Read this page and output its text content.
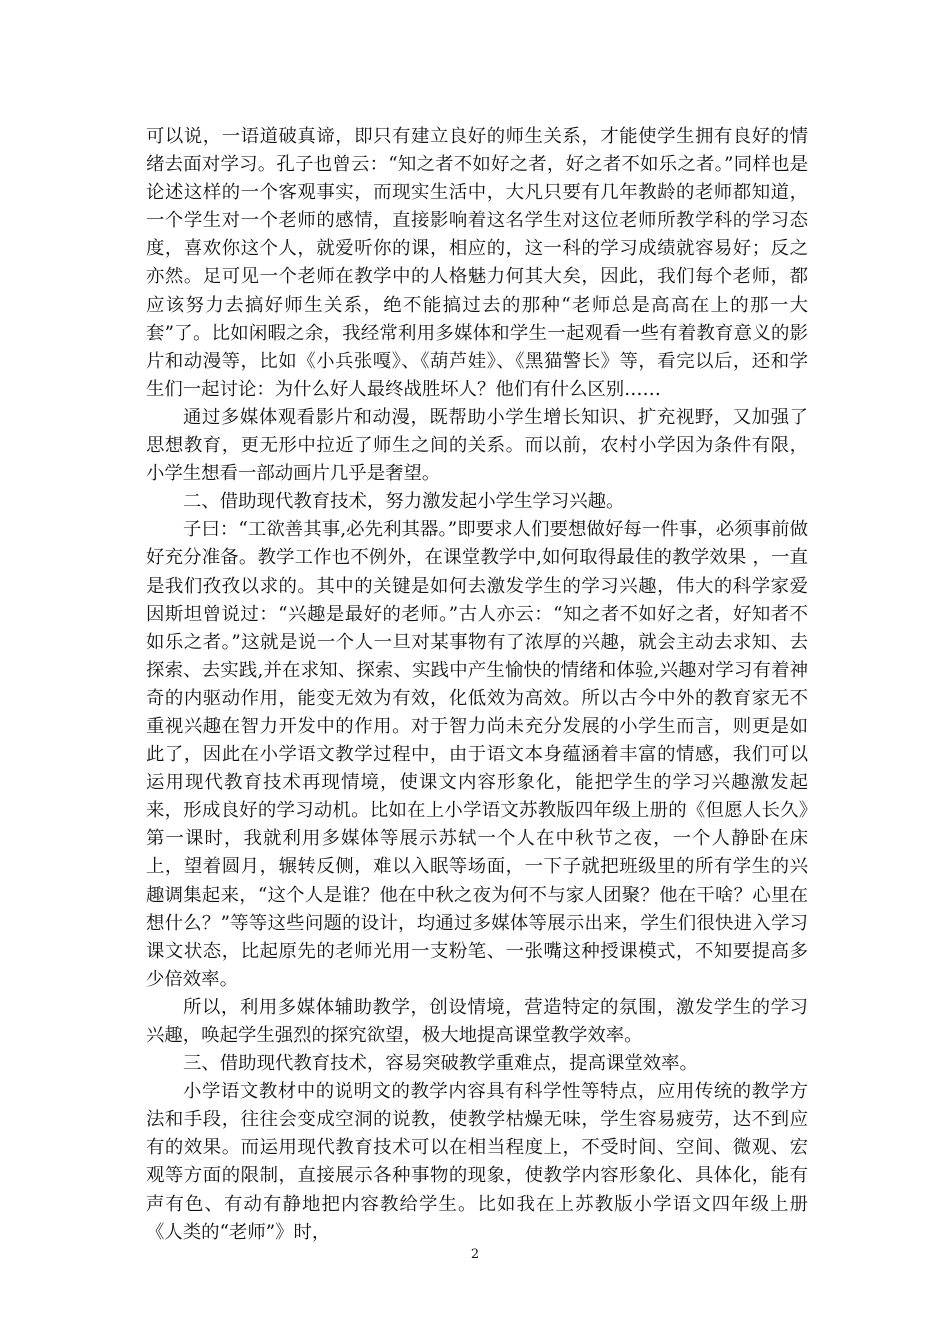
可以说，一语道破真谛，即只有建立良好的师生关系，才能使学生拥有良好的情绪去面对学习。孔子也曾云：“知之者不如好之者，好之者不如乐之者。”同样也是论述这样的一个客观事实，而现实生活中，大凡只要有几年教龄的老师都知道，一个学生对一个老师的感情，直接影响着这名学生对这位老师所教学科的学习态度，喜欢你这个人，就爱听你的课，相应的，这一科的学习成绩就容易好；反之亦然。足可见一个老师在教学中的人格魅力何其大矣，因此，我们每个老师，都应该努力去搞好师生关系，绝不能搞过去的那种“老师总是高高在上的那一大套”了。比如闲暇之余，我经常利用多媒体和学生一起观看一些有着教育意义的影片和动漫等，比如《小兵张嘎》、《葫芦娃》、《黑猫警长》等，看完以后，还和学生们一起讨论：为什么好人最终战胜坏人？他们有什么区别……

通过多媒体观看影片和动漫，既帮助小学生增长知识、扩充视野，又加强了思想教育，更无形中拉近了师生之间的关系。而以前，农村小学因为条件有限，小学生想看一部动画片几乎是奢望。

二、借助现代教育技术，努力激发起小学生学习兴趣。

子曰：“工欲善其事,必先利其器。”即要求人们要想做好每一件事，必须事前做好充分准备。教学工作也不例外，在课堂教学中,如何取得最佳的教学效果 ，一直是我们孜孜以求的。其中的关键是如何去激发学生的学习兴趣，伟大的科学家爱因斯坦曾说过：“兴趣是最好的老师。”古人亦云：“知之者不如好之者，好知者不如乐之者。”这就是说一个人一旦对某事物有了浓厚的兴趣，就会主动去求知、去探索、去实践,并在求知、探索、实践中产生愉快的情绪和体验,兴趣对学习有着神奇的内驱动作用，能变无效为有效，化低效为高效。所以古今中外的教育家无不重视兴趣在智力开发中的作用。对于智力尚未充分发展的小学生而言，则更是如此了，因此在小学语文教学过程中，由于语文本身蕴涵着丰富的情感，我们可以运用现代教育技术再现情境，使课文内容形象化，能把学生的学习兴趣激发起来，形成良好的学习动机。比如在上小学语文苏教版四年级上册的《但愿人长久》第一课时，我就利用多媒体等展示苏轼一个人在中秋节之夜，一个人静卧在床上，望着圆月，辗转反侧，难以入眠等场面，一下子就把班级里的所有学生的兴趣调集起来，“这个人是谁？他在中秋之夜为何不与家人团聚？他在干啥？心里在想什么？”等等这些问题的设计，均通过多媒体等展示出来，学生们很快进入学习课文状态，比起原先的老师光用一支粉笔、一张嘴这种授课模式，不知要提高多少倍效率。

所以，利用多媒体辅助教学，创设情境，营造特定的氛围，激发学生的学习兴趣，唤起学生强烈的探究欲望，极大地提高课堂教学效率。

三、借助现代教育技术，容易突破教学重难点，提高课堂效率。

小学语文教材中的说明文的教学内容具有科学性等特点，应用传统的教学方法和手段，往往会变成空洞的说教，使教学枯燥无味，学生容易疲劳，达不到应有的效果。而运用现代教育技术可以在相当程度上，不受时间、空间、微观、宏观等方面的限制，直接展示各种事物的现象，使教学内容形象化、具体化，能有声有色、有动有静地把内容教给学生。比如我在上苏教版小学语文四年级上册《人类的“老师”》时，

2
